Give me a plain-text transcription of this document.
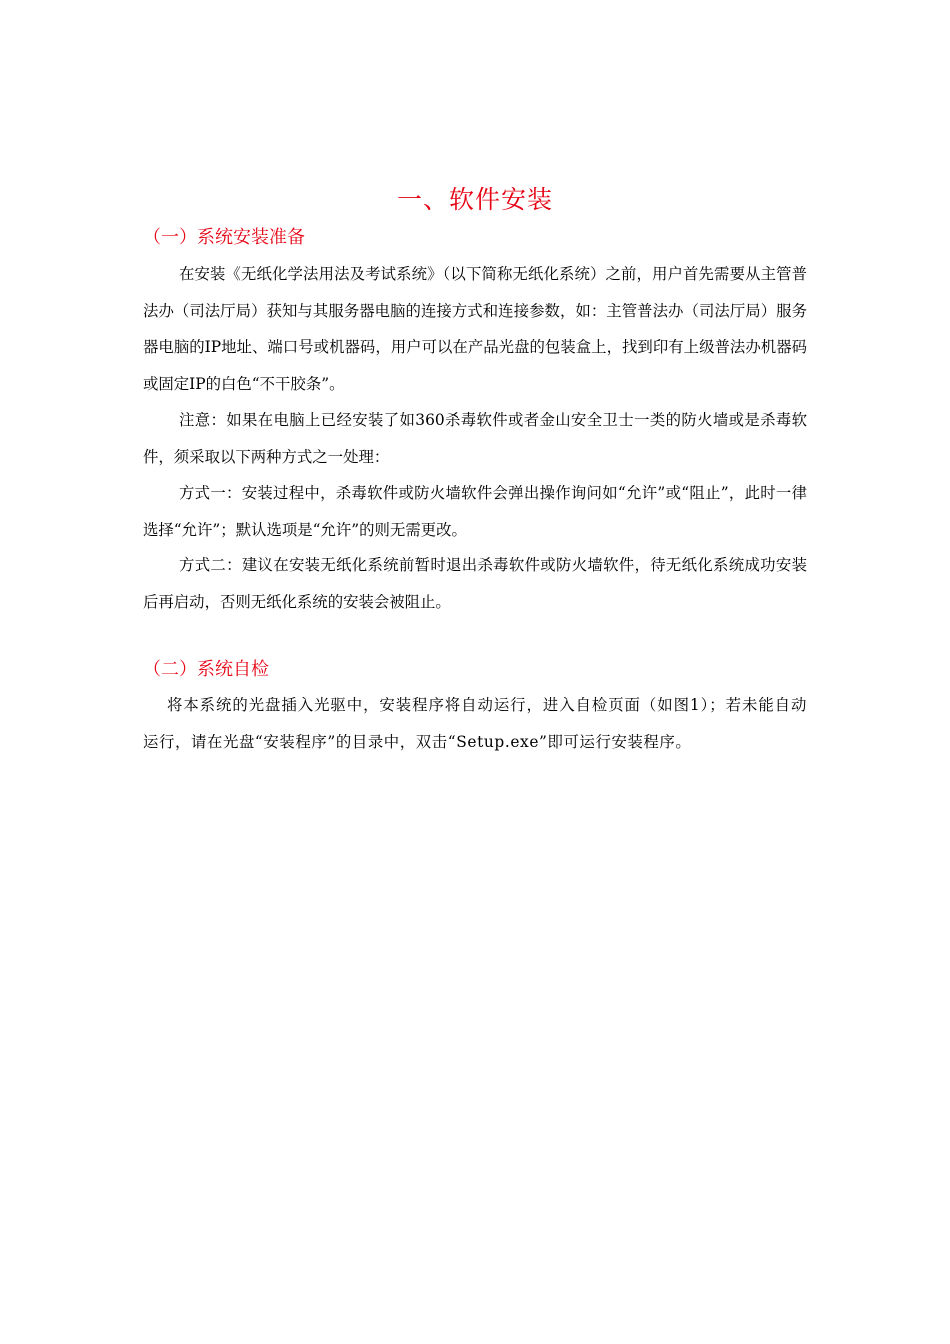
一、软件安装
（一）系统安装准备

在安装《无纸化学法用法及考试系统》（以下简称无纸化系统）之前，用户首先需要从主管普法办（司法厅局）获知与其服务器电脑的连接方式和连接参数，如：主管普法办（司法厅局）服务器电脑的IP地址、端口号或机器码，用户可以在产品光盘的包装盒上，找到印有上级普法办机器码或固定IP的白色“不干胶条”。

注意：如果在电脑上已经安装了如360杀毒软件或者金山安全卫士一类的防火墙或是杀毒软件，须采取以下两种方式之一处理：

方式一：安装过程中，杀毒软件或防火墙软件会弹出操作询问如“允许”或“阻止”，此时一律选择“允许”；默认选项是“允许”的则无需更改。

方式二：建议在安装无纸化系统前暂时退出杀毒软件或防火墙软件，待无纸化系统成功安装后再启动，否则无纸化系统的安装会被阻止。

（二）系统自检

将本系统的光盘插入光驱中，安装程序将自动运行，进入自检页面（如图1）；若未能自动运行，请在光盘“安装程序”的目录中，双击“Setup.exe”即可运行安装程序。
